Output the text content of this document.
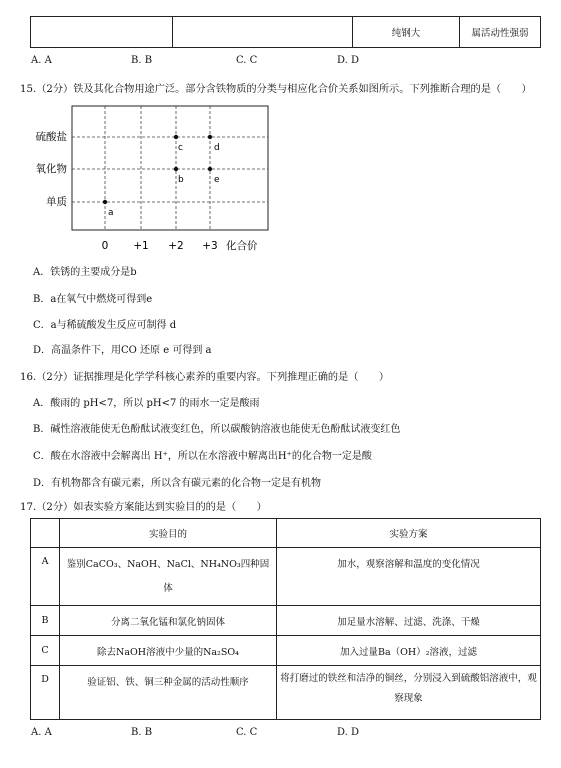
		纯钢大	属活动性强弱
A. A	B. B	C. C	D. D
15.（2分）铁及其化合物用途广泛。部分含铁物质的分类与相应化合价关系如图所示。下列推断合理的是（　　）
硫酸盐
氧化物
单质
0 +1 +2 +3 化合价
a
b
c	d
e
A．铁锈的主要成分是b
B．a在氧气中燃烧可得到e
C．a与稀硫酸发生反应可制得 d
D．高温条件下，用CO 还原 e 可得到 a
16.（2分）证据推理是化学学科核心素养的重要内容。下列推理正确的是（　　）
A．酸雨的 pH<7，所以 pH<7 的雨水一定是酸雨
B．碱性溶液能使无色酚酞试液变红色，所以碳酸钠溶液也能使无色酚酞试液变红色
C．酸在水溶液中会解离出 H⁺，所以在水溶液中解离出H⁺的化合物一定是酸
D．有机物都含有碳元素，所以含有碳元素的化合物一定是有机物
17.（2分）如表实验方案能达到实验目的的是（　　）
	实验目的	实验方案
A	鉴别CaCO₃、NaOH、NaCl、NH₄NO₃四种固体	加水，观察溶解和温度的变化情况
B	分离二氧化锰和氯化钠固体	加足量水溶解、过滤、洗涤、干燥
C	除去NaOH溶液中少量的Na₂SO₄	加入过量Ba（OH）₂溶液，过滤
D	验证铝、铁、铜三种金属的活动性顺序	将打磨过的铁丝和洁净的铜丝，分别浸入到硫酸铝溶液中，观察现象
A. A	B. B	C. C	D. D
